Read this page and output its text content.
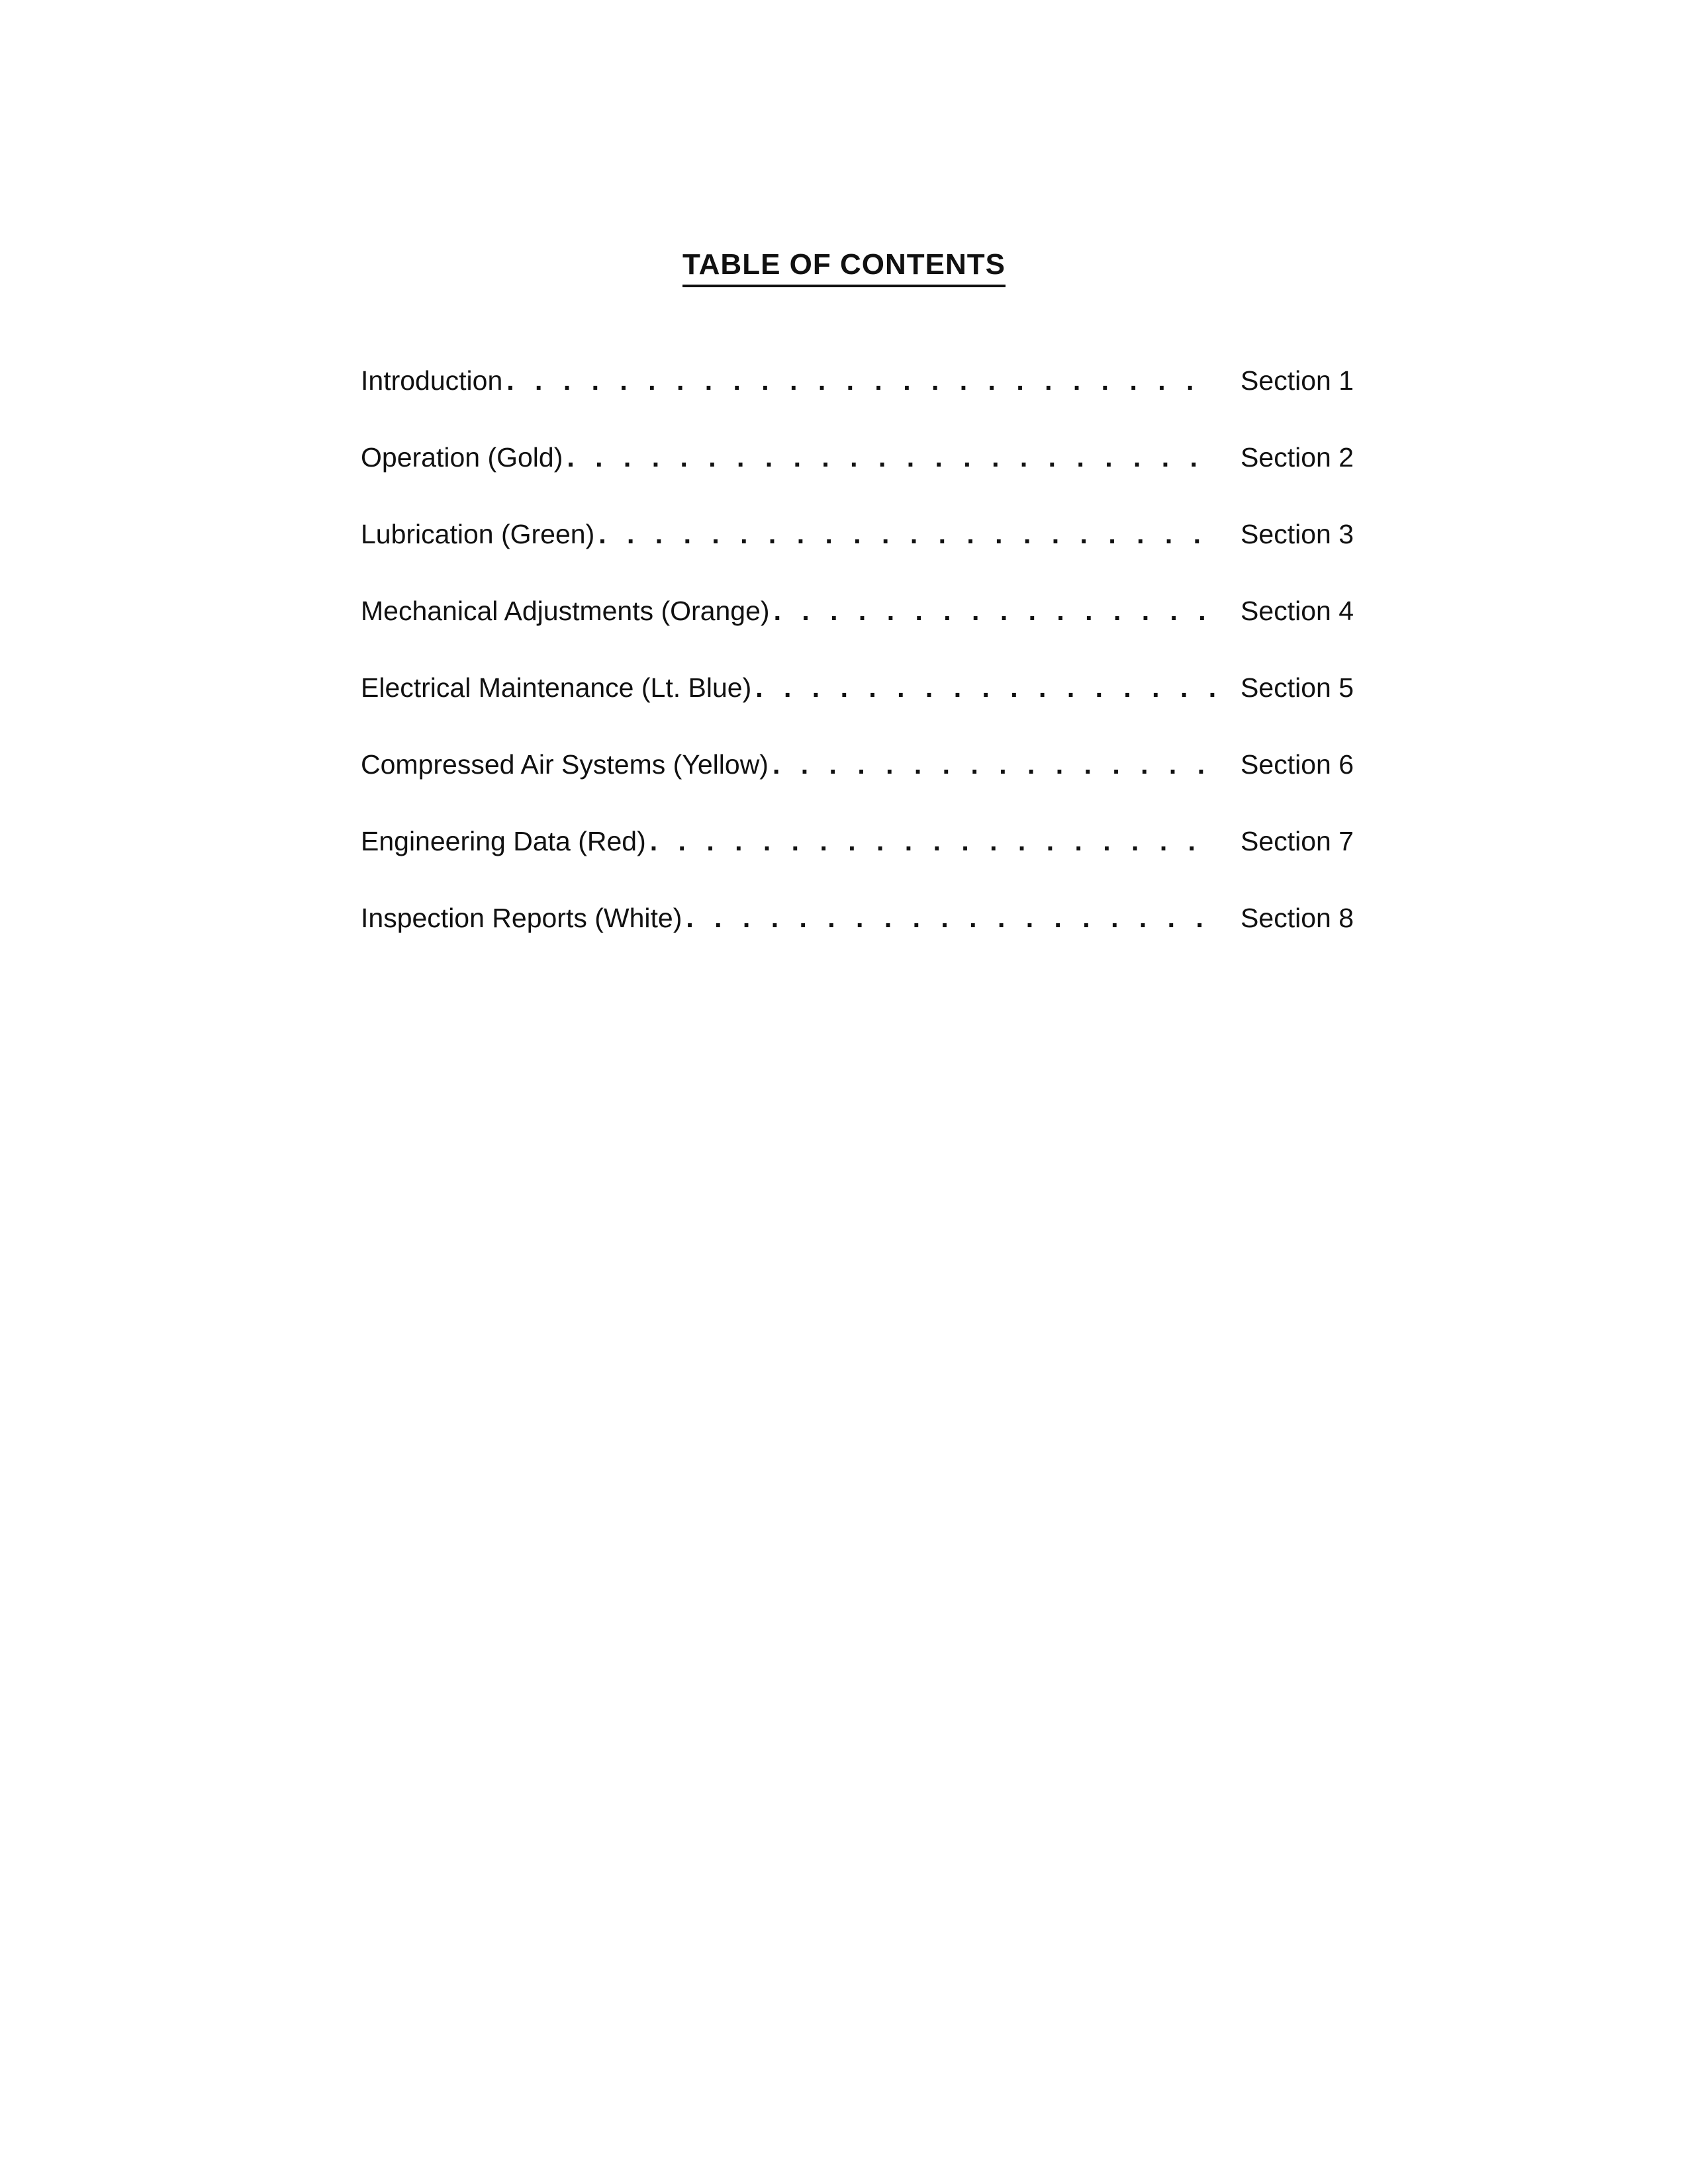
TABLE OF CONTENTS
Introduction . . .	Section 1
Operation (Gold) . . .	Section 2
Lubrication (Green) . . .	Section 3
Mechanical Adjustments (Orange) . . .	Section 4
Electrical Maintenance (Lt. Blue) . . .	Section 5
Compressed Air Systems (Yellow) . . .	Section 6
Engineering Data (Red) . . .	Section 7
Inspection Reports (White) . . .	Section 8
